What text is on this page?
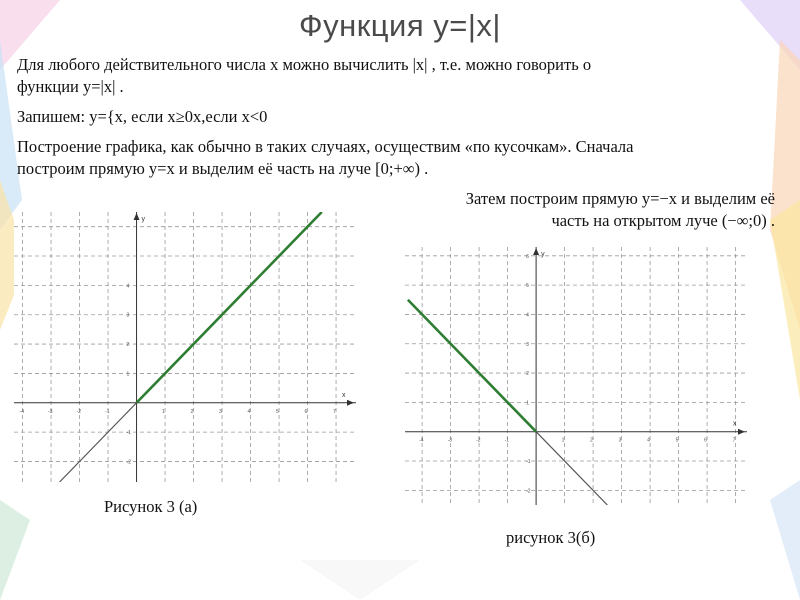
Функция y=|x|
Для любого действительного числа x можно вычислить |x| , т.е. можно говорить о
функции y=|x| .
Запишем: y={x, если x≥0x,если x<0
Построение графика, как обычно в таких случаях, осуществим «по кусочкам». Сначала
построим прямую y=x и выделим её часть на луче [0;+∞) .
Затем построим прямую y=−x и выделим её
часть на открытом луче (−∞;0) .
x
y
-4	-3	-2	-1	1	2	3	4	5	6	7
-2
-1
1
2
3
4
Рисунок 3 (а)
x
y
-4	-3	-2	-1	1	2	3	4	5	6	7
-2
-1
1
2
3
4
5
6
рисунок 3(б)
